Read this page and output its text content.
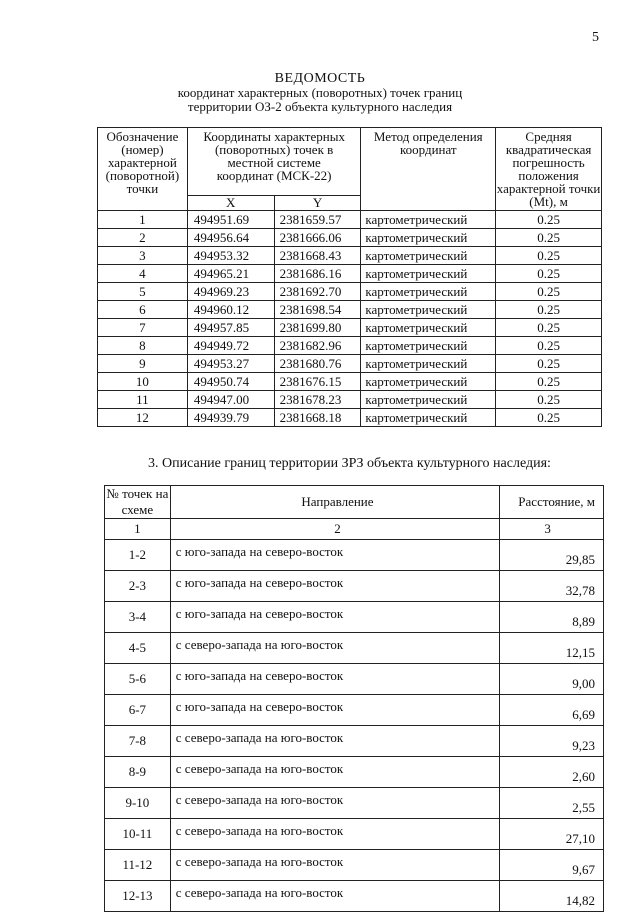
5
ВЕДОМОСТЬ
координат характерных (поворотных) точек границ
территории ОЗ-2 объекта культурного наследия
Обозначение (номер) характерной (поворотной) точки	Координаты характерных (поворотных) точек в местной системе координат (МСК-22)		Метод определения координат	Средняя квадратическая погрешность положения характерной точки (Mt), м
	X	Y		
1	494951.69	2381659.57	картометрический	0.25
2	494956.64	2381666.06	картометрический	0.25
3	494953.32	2381668.43	картометрический	0.25
4	494965.21	2381686.16	картометрический	0.25
5	494969.23	2381692.70	картометрический	0.25
6	494960.12	2381698.54	картометрический	0.25
7	494957.85	2381699.80	картометрический	0.25
8	494949.72	2381682.96	картометрический	0.25
9	494953.27	2381680.76	картометрический	0.25
10	494950.74	2381676.15	картометрический	0.25
11	494947.00	2381678.23	картометрический	0.25
12	494939.79	2381668.18	картометрический	0.25
3. Описание границ территории ЗРЗ объекта культурного наследия:
№ точек на схеме	Направление	Расстояние, м
1	2	3
1-2	с юго-запада на северо-восток	29,85
2-3	с юго-запада на северо-восток	32,78
3-4	с юго-запада на северо-восток	8,89
4-5	с северо-запада на юго-восток	12,15
5-6	с юго-запада на северо-восток	9,00
6-7	с юго-запада на северо-восток	6,69
7-8	с северо-запада на юго-восток	9,23
8-9	с северо-запада на юго-восток	2,60
9-10	с северо-запада на юго-восток	2,55
10-11	с северо-запада на юго-восток	27,10
11-12	с северо-запада на юго-восток	9,67
12-13	с северо-запада на юго-восток	14,82
